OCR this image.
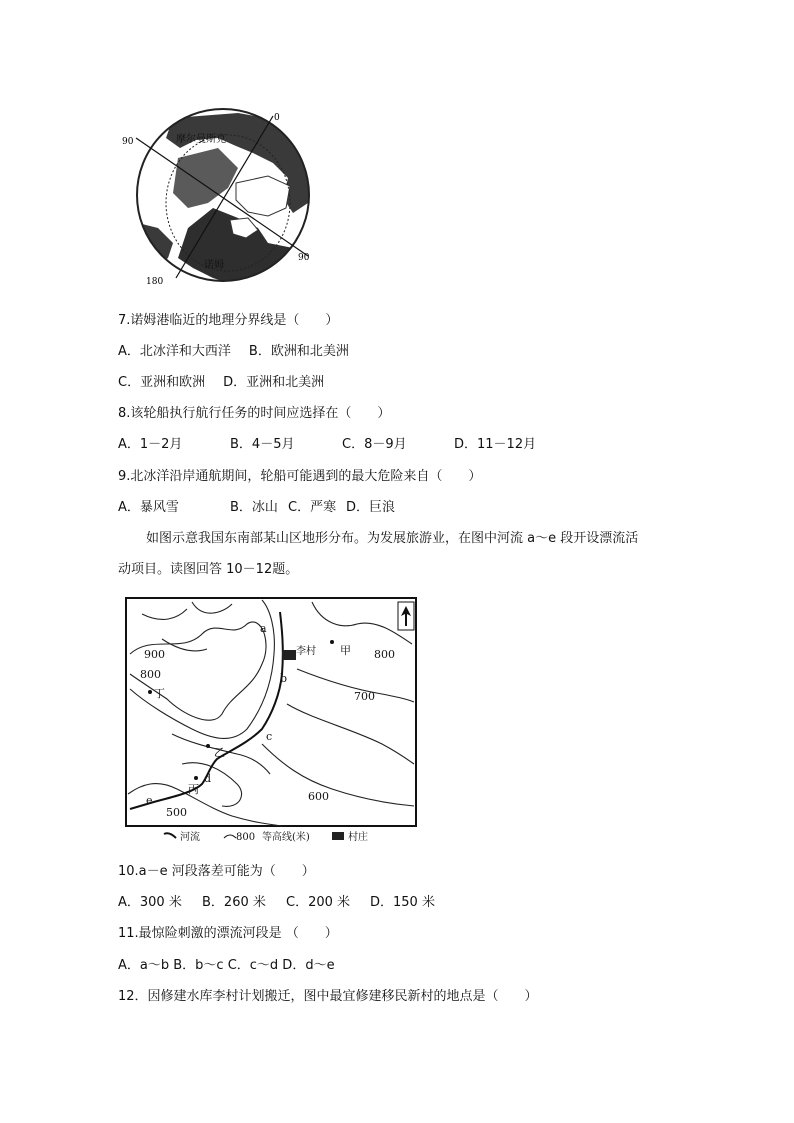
0
90
90
180
摩尔曼斯克
诺姆
7.诺姆港临近的地理分界线是（　　）
A．北冰洋和大西洋 B．欧洲和北美洲
C．亚洲和欧洲 D．亚洲和北美洲
8.该轮船执行航行任务的时间应选择在（　　）
A．1－2月	B．4－5月	C．8－9月	D．11－12月
9.北冰洋沿岸通航期间，轮船可能遇到的最大危险来自（　　）
A．暴风雪	B．冰山 C．严寒 D．巨浪
如图示意我国东南部某山区地形分布。为发展旅游业，在图中河流 a～e 段开设漂流活
动项目。读图回答 10－12题。
900
800
800
700
600
500
a
b
c
d
e
丁
乙
丙
甲
李村
河流	800 等高线(米)	村庄
10.a－e 河段落差可能为（　　）
A．300 米 B．260 米 C．200 米 D．150 米
11.最惊险刺激的漂流河段是 （　　）
A．a～b B．b～c C．c～d D．d～e
12．因修建水库李村计划搬迁，图中最宜修建移民新村的地点是（　　）
